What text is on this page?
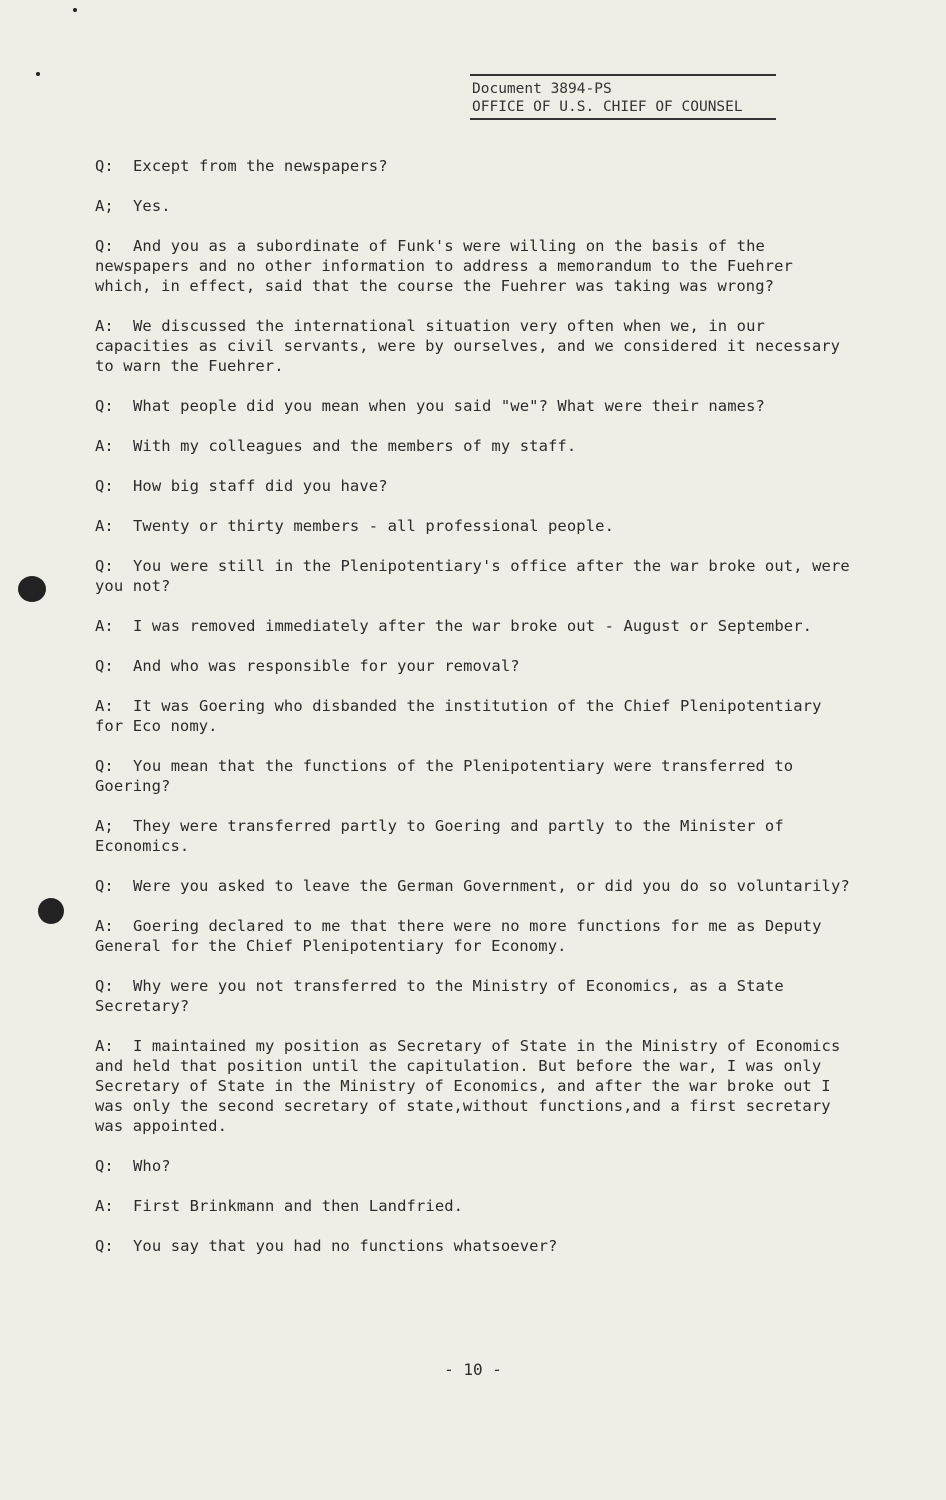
Document 3894-PS
OFFICE OF U.S. CHIEF OF COUNSEL

Q: Except from the newspapers?

A; Yes.

Q: And you as a subordinate of Funk's were willing on the basis of the newspapers and no other information to address a memorandum to the Fuehrer which, in effect, said that the course the Fuehrer was taking was wrong?

A: We discussed the international situation very often when we, in our capacities as civil servants, were by ourselves, and we considered it necessary to warn the Fuehrer.

Q: What people did you mean when you said "we"? What were their names?

A: With my colleagues and the members of my staff.

Q: How big staff did you have?

A: Twenty or thirty members - all professional people.

Q: You were still in the Plenipotentiary's office after the war broke out, were you not?

A: I was removed immediately after the war broke out - August or September.

Q: And who was responsible for your removal?

A: It was Goering who disbanded the institution of the Chief Plenipotentiary for Eco nomy.

Q: You mean that the functions of the Plenipotentiary were transferred to Goering?

A; They were transferred partly to Goering and partly to the Minister of Economics.

Q: Were you asked to leave the German Government, or did you do so voluntarily?

A: Goering declared to me that there were no more functions for me as Deputy General for the Chief Plenipotentiary for Economy.

Q: Why were you not transferred to the Ministry of Economics, as a State Secretary?

A: I maintained my position as Secretary of State in the Ministry of Economics and held that position until the capitulation. But before the war, I was only Secretary of State in the Ministry of Economics, and after the war broke out I was only the second secretary of state,without functions,and a first secretary was appointed.

Q: Who?

A: First Brinkmann and then Landfried.

Q: You say that you had no functions whatsoever?

- 10 -
